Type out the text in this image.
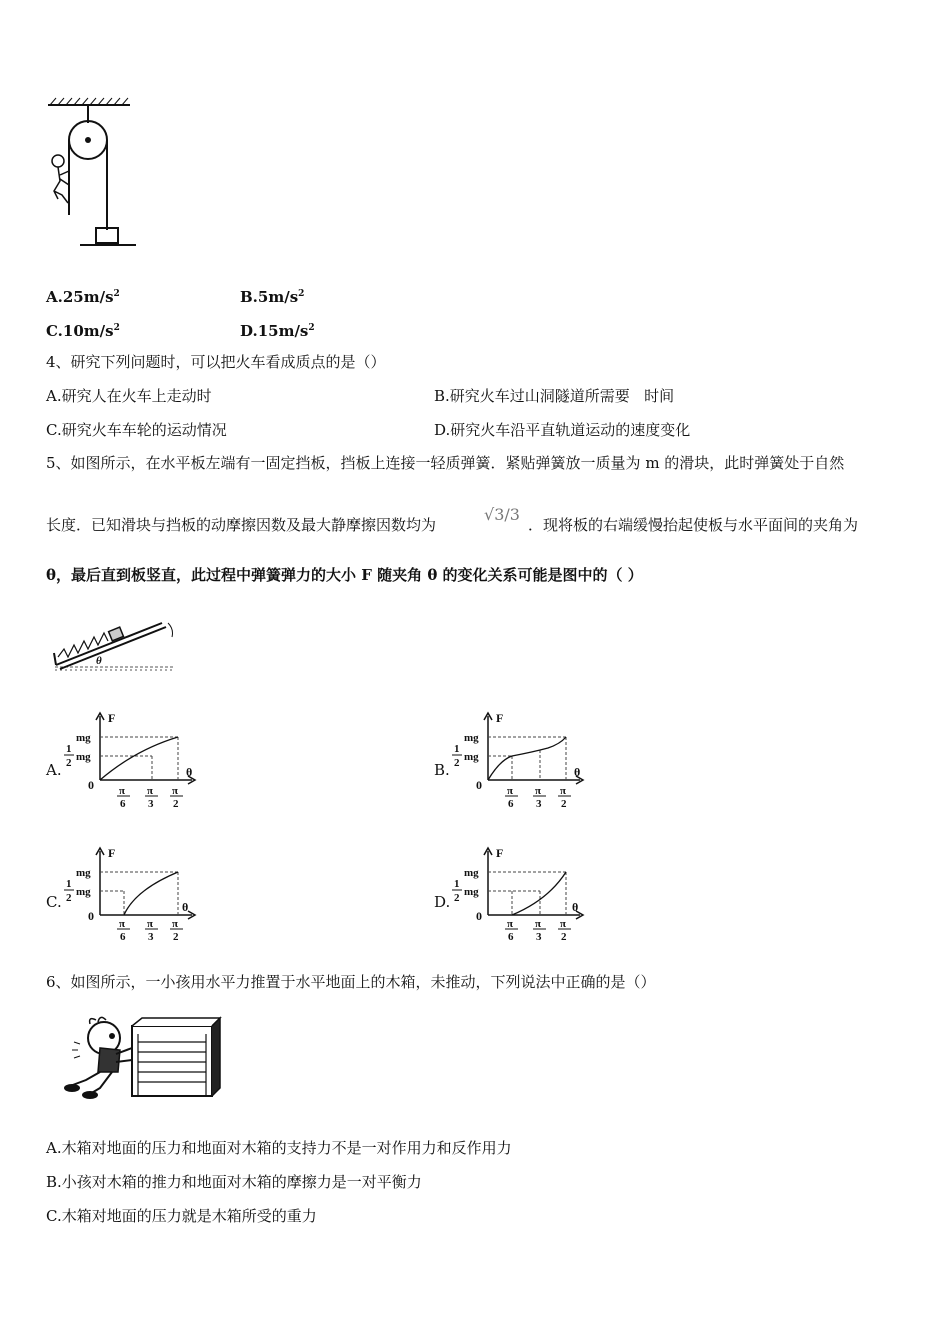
$A.25m/s^2$	$B.5m/s^2$
$C.10m/s^2$	$D.15m/s^2$
4、研究下列问题时，可以把火车看成质点的是（）
A.研究人在火车上走动时	B.研究火车过山洞隧道所需要   时间
C.研究火车车轮的运动情况	D.研究火车沿平直轨道运动的速度变化
5、如图所示，在水平板左端有一固定挡板，挡板上连接一轻质弹簧．紧贴弹簧放一质量为 m 的滑块，此时弹簧处于自然
长度．已知滑块与挡板的动摩擦因数及最大静摩擦因数均为
√3/3
．现将板的右端缓慢抬起使板与水平面间的夹角为
θ，最后直到板竖直，此过程中弹簧弹力的大小 F 随夹角 θ 的变化关系可能是图中的（ ）
θ
A.	B.
C.	D.
F
mg
1
2 mg
0
θ
π
6
π
3
π
2
F
mg
1
2 mg
0
θ
π
6
π
3
π
2
F
mg
1
2 mg
0
θ
π
6
π
3
π
2
F
mg
1
2 mg
0
θ
π
6
π
3
π
2
6、如图所示，一小孩用水平力推置于水平地面上的木箱，未推动，下列说法中正确的是（）
A.木箱对地面的压力和地面对木箱的支持力不是一对作用力和反作用力
B.小孩对木箱的推力和地面对木箱的摩擦力是一对平衡力
C.木箱对地面的压力就是木箱所受的重力
